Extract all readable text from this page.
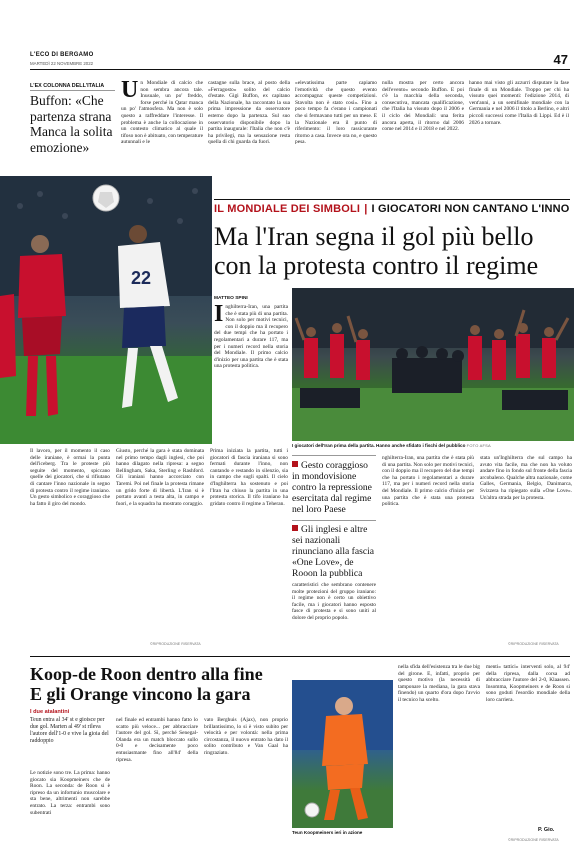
L'ECO DI BERGAMO
MARTEDÌ 22 NOVEMBRE 2022	47
L'EX COLONNA DELL'ITALIA
Buffon: «Che partenza strana Manca la solita emozione»
Un Mondiale di calcio che non sembra ancora tale. Inusuale, un po' freddo, forse perché in Qatar manca un po' l'atmosfera. Ma non è solo questo a raffreddare l'interesse. Il problema è anche la collocazione in un contesto climatico al quale il tifoso non è abituato, con temperature autunnali e le
castagne sulla brace, al posto della «Ferragosto» solito del calcio d'estate. Gigi Buffon, ex capitano della Nazionale, ha raccontato la sua prima impressione da osservatore esterno dopo la partenza. Sul suo osservatorio disponibile dopo la partita inaugurale: l'Italia che non c'è ha privilegi, ma la sensazione resta quella di chi guarda da fuori.
«elevatissima parte capiamo l'emotività che questo evento accompagna: queste competizioni. Stavolta non è stato così». Fino a poco tempo fa c'erano i campionati che si fermavano tutti per un mese. E la Nazionale era il punto di riferimento: il loro rassicurante ritorno a casa. Invece ora no, e questo pesa.
nulla mostra per certo ancora dell'evento» secondo Buffon. E poi c'è la macchia della seconda, consecutiva, mancata qualificazione, che l'Italia ha vissuto dopo il 2006 e il ciclo dei Mondiali: una ferita ancora aperta, il ritorno dal 2006 come nel 2014 e il 2018 e nel 2022.
hanno mai visto gli azzurri disputare la fase finale di un Mondiale. Troppo per chi ha vissuto quei momenti: l'edizione 2014, di vent'anni, a un semifinale mondiale con la Germania e nel 2006 il titolo a Berlino, e altri piccoli successi come l'Italia di Lippi. Ed è il 2026 a tornare.
22
IL MONDIALE DEI SIMBOLI | I GIOCATORI NON CANTANO L'INNO
Ma l'Iran segna il gol più bello con la protesta contro il regime
MATTEO SPINI
Inghilterra-Iran, una partita che è stata più di una partita. Non solo per motivi tecnici, con il doppio ma il recupero del due tempi che ha portato i regolamentari a durare 117, ma per i numeri record nella storia del Mondiale. Il primo calcio d'inizio per una partita che è stata una protesta politica.
I giocatori dell'Iran prima della partita. Hanno anche sfidato i fischi del pubblico FOTO AFSA
Il lavoro, per il momento il caso delle iraniane, è ormai la punta dell'iceberg. Tra le proteste più seguite del momento, spiccano quelle dei giocatori, che si rifiutano di cantare l'inno nazionale in segno di protesta contro il regime iraniano. Un gesto simbolico e coraggioso che ha fatto il giro del mondo.
Giusto, perché la gara è stata dominata nel primo tempo dagli inglesi, che poi hanno dilagato nella ripresa: a segno Bellingham, Saka, Sterling e Rashford. Gli iraniani hanno accorciato con Taremi. Poi nel finale la protesta rimane un grido forte di libertà. L'Iran si è portato avanti a testa alta, in campo e fuori, e la squadra ha mostrato coraggio.
Prima iniziata la partita, tutti i giocatori di fascia iraniana si sono fermati durante l'inno, non cantando e restando in silenzio, sia in campo che sugli spalti. Il cielo d'Inghilterra ha sostenuto e poi l'Iran ha chiuso la partita in una protesta storica. Il tifo iraniano ha gridato contro il regime a Teheran.
Gesto coraggioso in mondovisione contro la repressione esercitata dal regime nel loro Paese
Gli inglesi e altre sei nazionali rinunciano alla fascia «One Love», de Rooon la pubblica
caratteristici che sembrano contenere molte protezioni del gruppo iraniano: il regime non è certo un obiettivo facile, ma i giocatori hanno esposto fasce di protesta e si sono uniti al dolore del proprio popolo.
nghilterra-Iran, una partita che è stata più di una partita. Non solo per motivi tecnici, con il doppio ma il recupero del due tempi che ha portato i regolamentari a durare 117, ma per i numeri record nella storia del Mondiale. Il primo calcio d'inizio per una partita che è stata una protesta politica.
stata un'Inghilterra che sul campo ha avuto vita facile, ma che non ha voluto andare fino in fondo sul fronte della fascia arcobaleno. Qualche altra nazionale, come Galles, Germania, Belgio, Danimarca, Svizzera ha ripiegato sulla «One Love». Un'altra strada per la protesta.
©RIPRODUZIONE RISERVATA	©RIPRODUZIONE RISERVATA
Koop-de Roon dentro alla fine
E gli Orange vincono la gara
I due atalantini
Teun entra al 34' st e gioisce per due gol. Marten al 49' st rileva l'autore dell'1-0 e vive la gioia del raddoppio
Le notizie sono tre. La prima: hanno giocato sia Koopmeiners che de Roon. La seconda: de Roon si è ripreso da un infortunio muscolare e sta bene, altrimenti non sarebbe entrato. La terza: entrambi sono subentrati
nel finale ed entrambi hanno fatto lo scatto più veloce... per abbracciare l'autore del gol. Sì, perché Senegal-Olanda era un match bloccato sullo 0-0 e decisamente poco entusiasmante fino all'84' della ripresa.
vato Berghuis (Ajax), non proprio brillantissimo, lo si è visto subito per velocità e per volontà: nella prima circostanza, il nuovo entrato ha dato il solito contributo e Van Gaal ha ringraziato.
Teun Koopmeiners ieri in azione
nella sfida dell'esistenza tra le due big del girone. E, infatti, proprio per questo motivo (la necessità di tamponare la mediana, la gara stava finendo) un quarto d'ora dopo l'avvio il tecnico ha scelto.
menti» tattici» interventi solo, al 94' della ripresa, dalla corsa ad abbracciare l'autore del 2-0, Klaassen. Insomma, Koopmeiners e de Roon si sono goduti l'esordio mondiale della loro carriera.
P. Gio.
©RIPRODUZIONE RISERVATA
